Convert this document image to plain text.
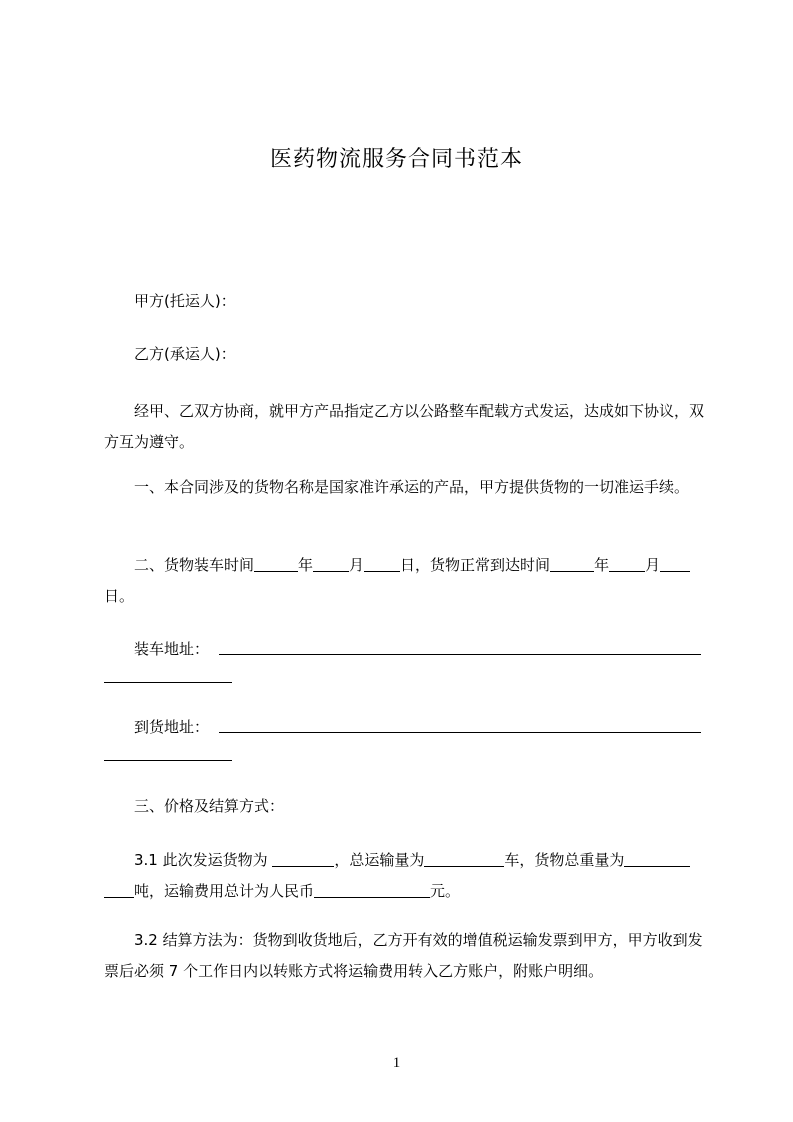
医药物流服务合同书范本
甲方(托运人)：
乙方(承运人)：
经甲、乙双方协商，就甲方产品指定乙方以公路整车配载方式发运，达成如下协议，双方互为遵守。
一、本合同涉及的货物名称是国家准许承运的产品，甲方提供货物的一切准运手续。
二、货物装车时间	年 月 日，货物正常到达时间	年 月日。
装车地址：
到货地址：
三、价格及结算方式：
3.1 此次发运货物为	，总运输量为	车，货物总重量为吨，运输费用总计为人民币	元。
3.2 结算方法为：货物到收货地后，乙方开有效的增值税运输发票到甲方，甲方收到发票后必须 7 个工作日内以转账方式将运输费用转入乙方账户，附账户明细。
1
